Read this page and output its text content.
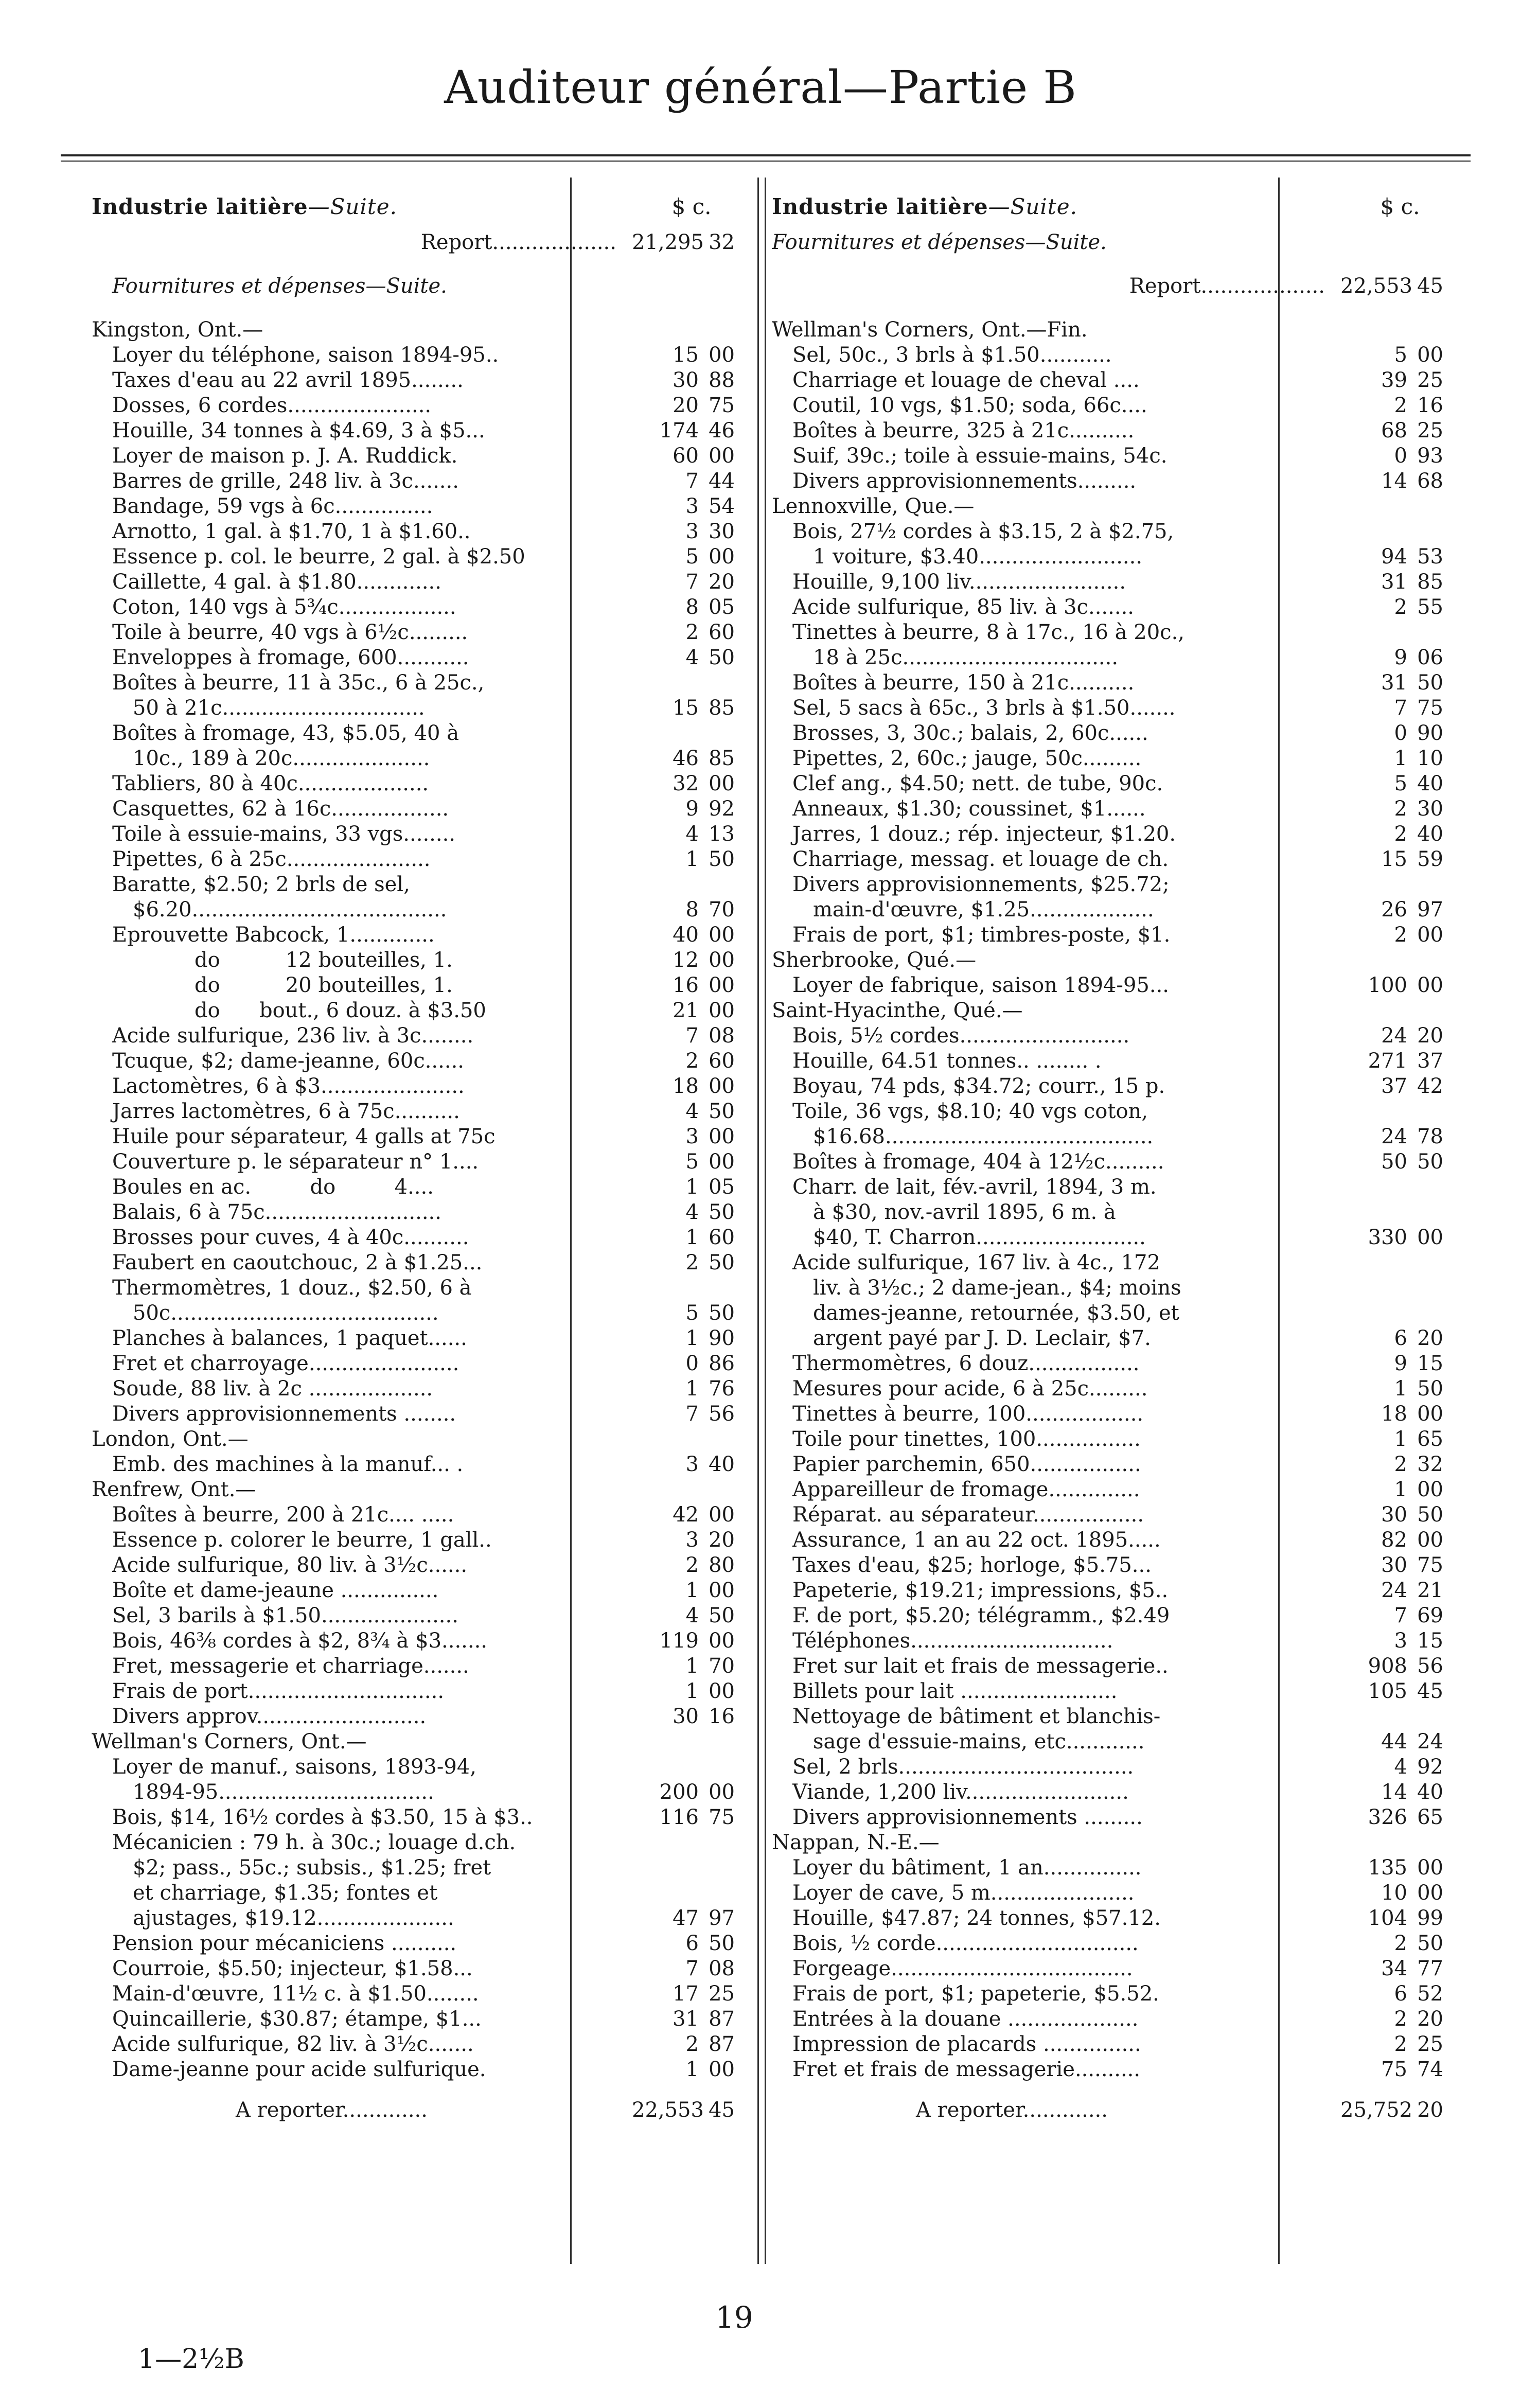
Auditeur général—Partie B
Industrie laitière—Suite.	$ c.
Report................... 21,295 32
Fournitures et dépenses—Suite.
Kingston, Ont.—
Loyer du téléphone, saison 1894-95..	15 00
Taxes d'eau au 22 avril 1895........	30 88
Dosses, 6 cordes......................	20 75
Houille, 34 tonnes à $4.69, 3 à $5...	174 46
Loyer de maison p. J. A. Ruddick.	60 00
Barres de grille, 248 liv. à 3c.......	7 44
Bandage, 59 vgs à 6c...............	3 54
Arnotto, 1 gal. à $1.70, 1 à $1.60..	3 30
Essence p. col. le beurre, 2 gal. à $2.50	5 00
Caillette, 4 gal. à $1.80.............	7 20
Coton, 140 vgs à 5¾c..................	8 05
Toile à beurre, 40 vgs à 6½c.........	2 60
Enveloppes à fromage, 600...........	4 50
Boîtes à beurre, 11 à 35c., 6 à 25c.,
50 à 21c...............................	15 85
Boîtes à fromage, 43, $5.05, 40 à
10c., 189 à 20c.....................	46 85
Tabliers, 80 à 40c....................	32 00
Casquettes, 62 à 16c..................	9 92
Toile à essuie-mains, 33 vgs........	4 13
Pipettes, 6 à 25c......................	1 50
Baratte, $2.50; 2 brls de sel,
$6.20.......................................	8 70
Eprouvette Babcock, 1.............	40 00
do          12 bouteilles, 1.	12 00
do          20 bouteilles, 1.	16 00
do      bout., 6 douz. à $3.50	21 00
Acide sulfurique, 236 liv. à 3c........	7 08
Tcuque, $2; dame-jeanne, 60c......	2 60
Lactomètres, 6 à $3......................	18 00
Jarres lactomètres, 6 à 75c..........	4 50
Huile pour séparateur, 4 galls at 75c	3 00
Couverture p. le séparateur n° 1....	5 00
Boules en ac.         do         4....	1 05
Balais, 6 à 75c...........................	4 50
Brosses pour cuves, 4 à 40c..........	1 60
Faubert en caoutchouc, 2 à $1.25...	2 50
Thermomètres, 1 douz., $2.50, 6 à
50c.........................................	5 50
Planches à balances, 1 paquet......	1 90
Fret et charroyage.......................	0 86
Soude, 88 liv. à 2c ...................	1 76
Divers approvisionnements ........	7 56
London, Ont.—
Emb. des machines à la manuf... .	3 40
Renfrew, Ont.—
Boîtes à beurre, 200 à 21c.... .....	42 00
Essence p. colorer le beurre, 1 gall..	3 20
Acide sulfurique, 80 liv. à 3½c......	2 80
Boîte et dame-jeaune ...............	1 00
Sel, 3 barils à $1.50.....................	4 50
Bois, 46⅜ cordes à $2, 8¾ à $3.......	119 00
Fret, messagerie et charriage.......	1 70
Frais de port..............................	1 00
Divers approv..........................	30 16
Wellman's Corners, Ont.—
Loyer de manuf., saisons, 1893-94,
1894-95.................................	200 00
Bois, $14, 16½ cordes à $3.50, 15 à $3..	116 75
Mécanicien : 79 h. à 30c.; louage d.ch.
$2; pass., 55c.; subsis., $1.25; fret
et charriage, $1.35; fontes et
ajustages, $19.12.....................	47 97
Pension pour mécaniciens ..........	6 50
Courroie, $5.50; injecteur, $1.58...	7 08
Main-d'œuvre, 11½ c. à $1.50........	17 25
Quincaillerie, $30.87; étampe, $1...	31 87
Acide sulfurique, 82 liv. à 3½c.......	2 87
Dame-jeanne pour acide sulfurique.	1 00
A reporter.............	22,553 45
Industrie laitière—Suite.	$ c.
Fournitures et dépenses—Suite.
Report................... 22,553 45
Wellman's Corners, Ont.—Fin.
Sel, 50c., 3 brls à $1.50...........	5 00
Charriage et louage de cheval ....	39 25
Coutil, 10 vgs, $1.50; soda, 66c....	2 16
Boîtes à beurre, 325 à 21c..........	68 25
Suif, 39c.; toile à essuie-mains, 54c.	0 93
Divers approvisionnements.........	14 68
Lennoxville, Que.—
Bois, 27½ cordes à $3.15, 2 à $2.75,
1 voiture, $3.40.........................	94 53
Houille, 9,100 liv........................	31 85
Acide sulfurique, 85 liv. à 3c.......	2 55
Tinettes à beurre, 8 à 17c., 16 à 20c.,
18 à 25c.................................	9 06
Boîtes à beurre, 150 à 21c..........	31 50
Sel, 5 sacs à 65c., 3 brls à $1.50.......	7 75
Brosses, 3, 30c.; balais, 2, 60c......	0 90
Pipettes, 2, 60c.; jauge, 50c.........	1 10
Clef ang., $4.50; nett. de tube, 90c.	5 40
Anneaux, $1.30; coussinet, $1......	2 30
Jarres, 1 douz.; rép. injecteur, $1.20.	2 40
Charriage, messag. et louage de ch.	15 59
Divers approvisionnements, $25.72;
main-d'œuvre, $1.25...................	26 97
Frais de port, $1; timbres-poste, $1.	2 00
Sherbrooke, Qué.—
Loyer de fabrique, saison 1894-95...	100 00
Saint-Hyacinthe, Qué.—
Bois, 5½ cordes..........................	24 20
Houille, 64.51 tonnes.. ........ .	271 37
Boyau, 74 pds, $34.72; courr., 15 p.	37 42
Toile, 36 vgs, $8.10; 40 vgs coton,
$16.68.........................................	24 78
Boîtes à fromage, 404 à 12½c.........	50 50
Charr. de lait, fév.-avril, 1894, 3 m.
à $30, nov.-avril 1895, 6 m. à
$40, T. Charron..........................	330 00
Acide sulfurique, 167 liv. à 4c., 172
liv. à 3½c.; 2 dame-jean., $4; moins
dames-jeanne, retournée, $3.50, et
argent payé par J. D. Leclair, $7.	6 20
Thermomètres, 6 douz.................	9 15
Mesures pour acide, 6 à 25c.........	1 50
Tinettes à beurre, 100..................	18 00
Toile pour tinettes, 100................	1 65
Papier parchemin, 650.................	2 32
Appareilleur de fromage..............	1 00
Réparat. au séparateur.................	30 50
Assurance, 1 an au 22 oct. 1895.....	82 00
Taxes d'eau, $25; horloge, $5.75...	30 75
Papeterie, $19.21; impressions, $5..	24 21
F. de port, $5.20; télégramm., $2.49	7 69
Téléphones...............................	3 15
Fret sur lait et frais de messagerie..	908 56
Billets pour lait ........................	105 45
Nettoyage de bâtiment et blanchis-
sage d'essuie-mains, etc............	44 24
Sel, 2 brls....................................	4 92
Viande, 1,200 liv.........................	14 40
Divers approvisionnements .........	326 65
Nappan, N.-E.—
Loyer du bâtiment, 1 an...............	135 00
Loyer de cave, 5 m......................	10 00
Houille, $47.87; 24 tonnes, $57.12.	104 99
Bois, ½ corde...............................	2 50
Forgeage.....................................	34 77
Frais de port, $1; papeterie, $5.52.	6 52
Entrées à la douane ....................	2 20
Impression de placards ...............	2 25
Fret et frais de messagerie..........	75 74
A reporter.............	25,752 20
19
1—2½B
